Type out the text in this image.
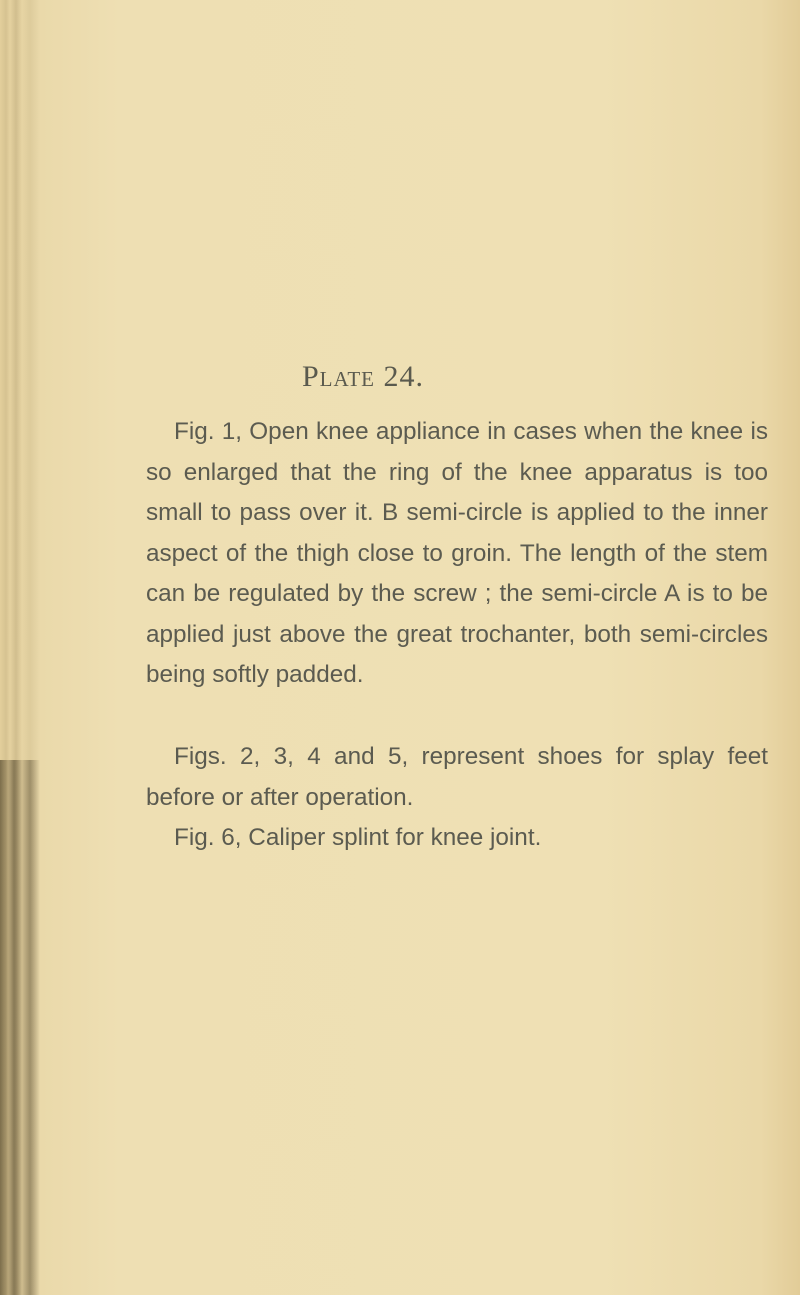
Plate 24.

Fig. 1, Open knee appliance in cases when the knee is so enlarged that the ring of the knee apparatus is too small to pass over it. B semi-circle is applied to the inner aspect of the thigh close to groin. The length of the stem can be regulated by the screw ; the semi-circle A is to be applied just above the great trochanter, both semi-circles being softly padded.

Figs. 2, 3, 4 and 5, represent shoes for splay feet before or after operation.

Fig. 6, Caliper splint for knee joint.
